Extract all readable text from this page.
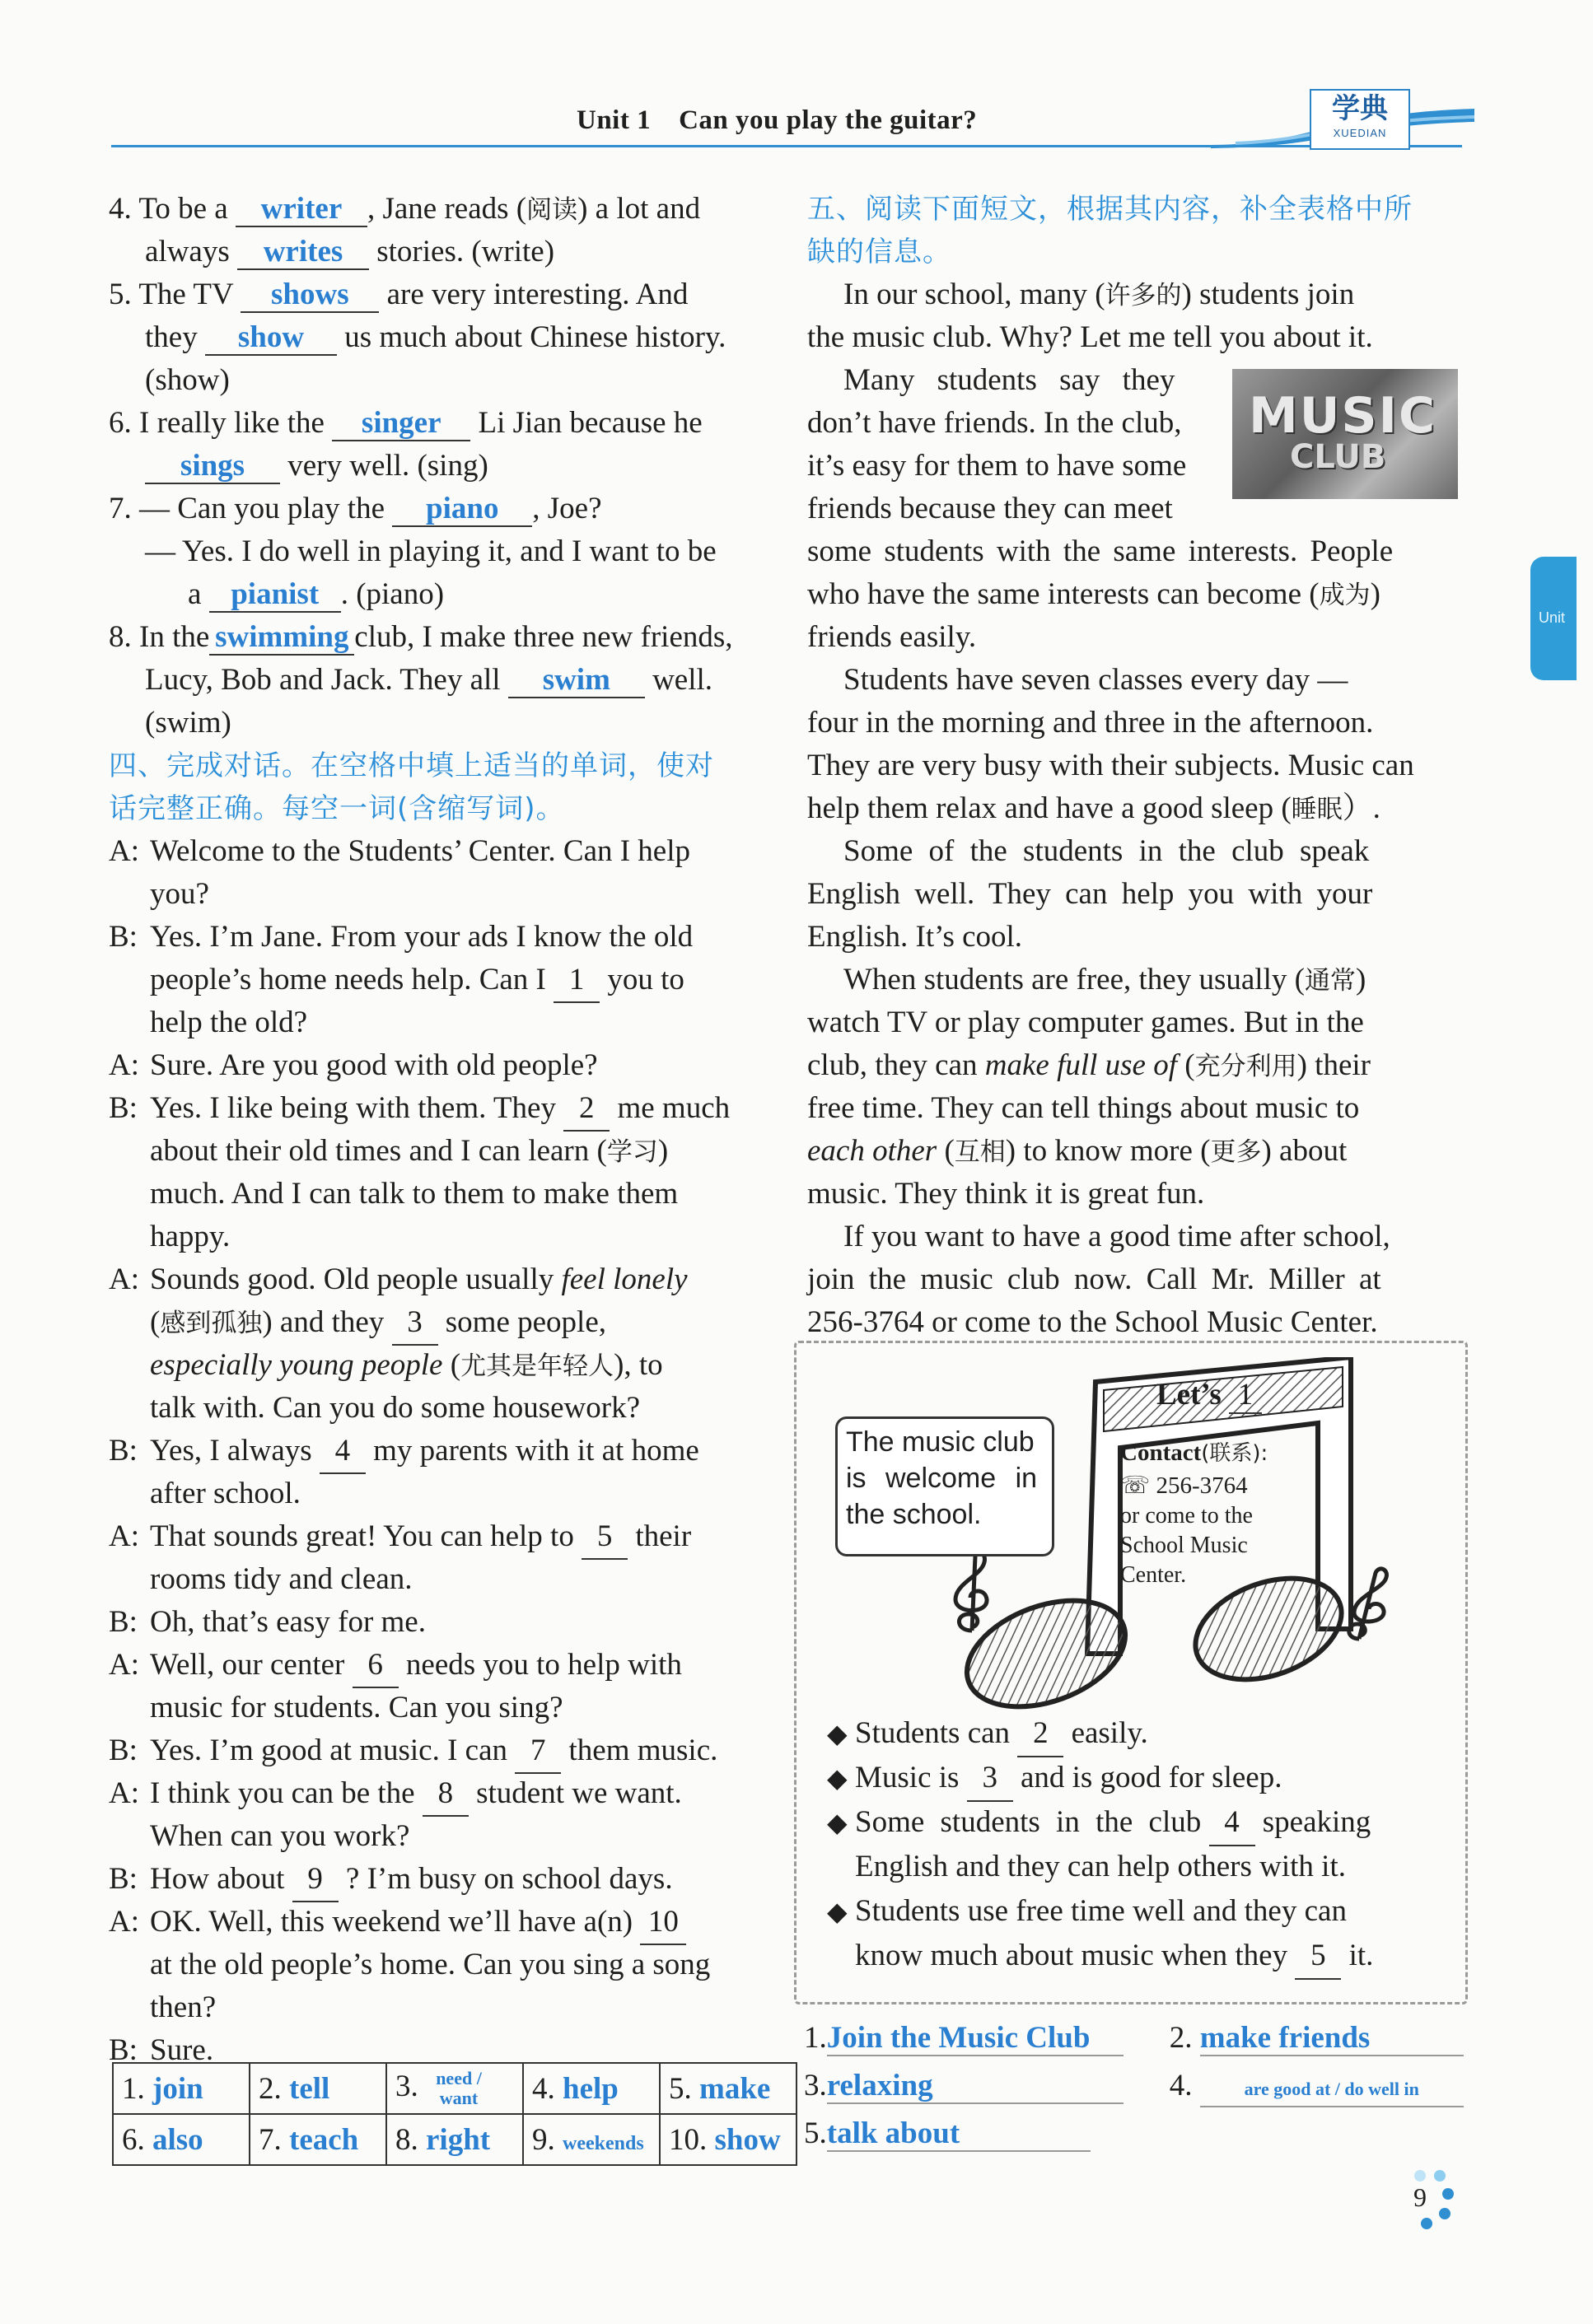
Unit 1 Can you play the guitar?	学典
XUEDIAN
Unit
4. To be a writer , Jane reads (阅读) a lot and
always writes stories. (write)
5. The TV shows are very interesting. And
they show us much about Chinese history.
(show)
6. I really like the singer Li Jian because he
sings very well. (sing)
7. — Can you play the piano , Joe?
— Yes. I do well in playing it, and I want to be
a pianist . (piano)
8. In the swimming club, I make three new friends,
Lucy, Bob and Jack. They all swim well.
(swim)
四、完成对话。在空格中填上适当的单词，使对
话完整正确。每空一词(含缩写词)。
A: Welcome to the Students’ Center. Can I help
you?
B: Yes. I’m Jane. From your ads I know the old
people’s home needs help. Can I 1 you to
help the old?
A: Sure. Are you good with old people?
B: Yes. I like being with them. They 2 me much
about their old times and I can learn (学习)
much. And I can talk to them to make them
happy.
A: Sounds good. Old people usually feel lonely
(感到孤独) and they 3 some people,
especially young people (尤其是年轻人), to
talk with. Can you do some housework?
B: Yes, I always 4 my parents with it at home
after school.
A: That sounds great! You can help to 5 their
rooms tidy and clean.
B: Oh, that’s easy for me.
A: Well, our center 6 needs you to help with
music for students. Can you sing?
B: Yes. I’m good at music. I can 7 them music.
A: I think you can be the 8 student we want.
When can you work?
B: How about 9 ? I’m busy on school days.
A: OK. Well, this weekend we’ll have a(n) 10
at the old people’s home. Can you sing a song
then?
B: Sure.
1. join	2. tell	3. need / want	4. help	5. make
6. also	7. teach	8. right	9. weekends	10. show
五、阅读下面短文，根据其内容，补全表格中所
缺的信息。
In our school, many (许多的) students join
the music club. Why? Let me tell you about it.
Many students say they
don’t have friends. In the club,
it’s easy for them to have some
friends because they can meet
some students with the same interests. People
who have the same interests can become (成为)
friends easily.
Students have seven classes every day —
four in the morning and three in the afternoon.
They are very busy with their subjects. Music can
help them relax and have a good sleep (睡眠）.
Some of the students in the club speak
English well. They can help you with your
English. It’s cool.
When students are free, they usually (通常)
watch TV or play computer games. But in the
club, they can make full use of (充分利用) their
free time. They can tell things about music to
each other (互相) to know more (更多) about
music. They think it is great fun.
If you want to have a good time after school,
join the music club now. Call Mr. Miller at
256-3764 or come to the School Music Center.
MUSIC
CLUB
The music club
is welcome in
the school.
Let’s 1
Contact(联系):
☏ 256-3764
or come to the
School Music
Center.
◆ Students can 2 easily.
◆ Music is 3 and is good for sleep.
◆ Some students in the club 4 speaking
English and they can help others with it.
◆ Students use free time well and they can
know much about music when they 5 it.
1.Join the Music Club	2. make friends
3.relaxing	4.	are good at / do well in
5.talk about
9
